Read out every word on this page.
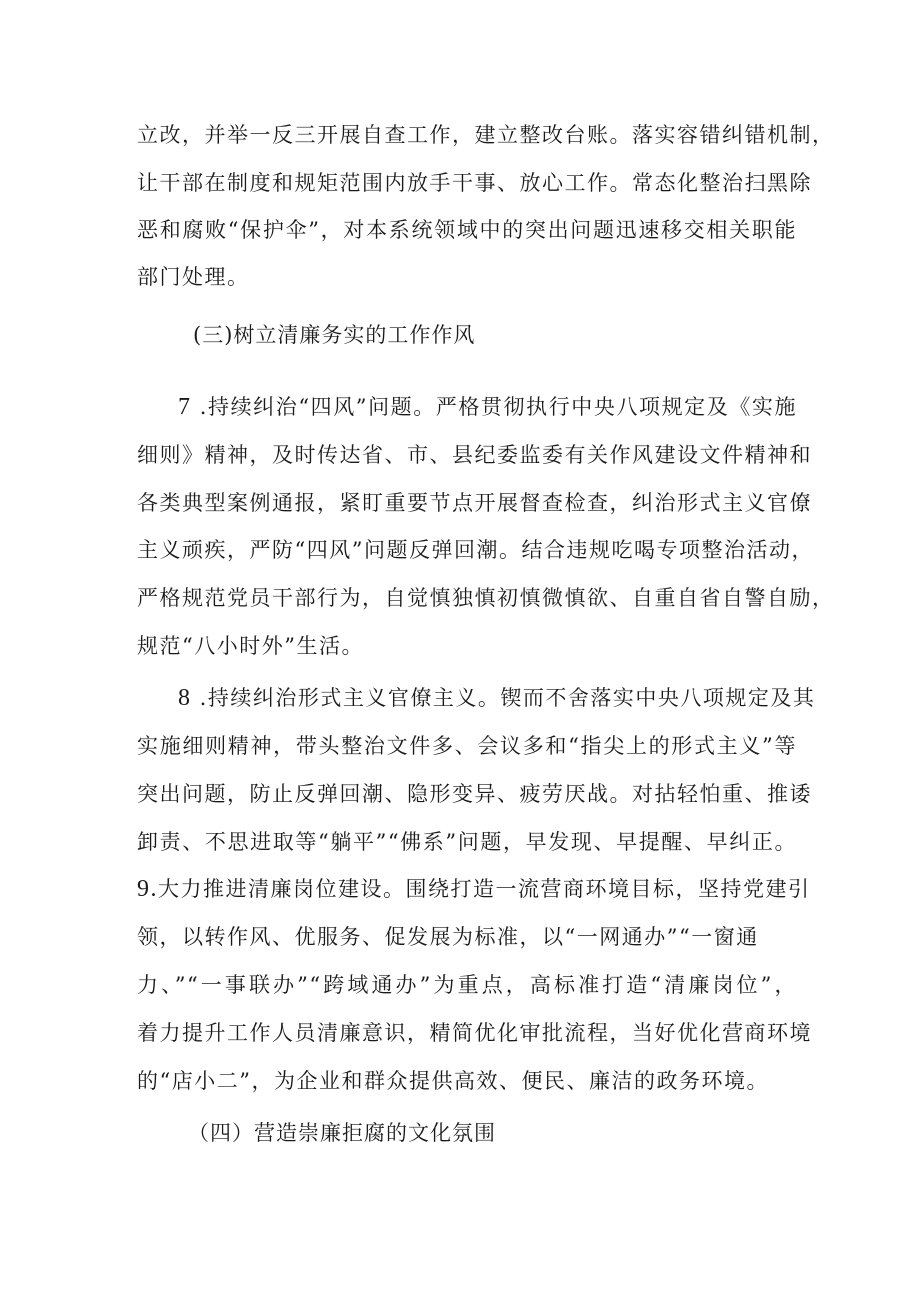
立改，并举一反三开展自查工作，建立整改台账。落实容错纠错机制，
让干部在制度和规矩范围内放手干事、放心工作。常态化整治扫黑除
恶和腐败“保护伞”，对本系统领域中的突出问题迅速移交相关职能
部门处理。
(三)树立清廉务实的工作作风
7 .持续纠治“四风”问题。严格贯彻执行中央八项规定及《实施
细则》精神，及时传达省、市、县纪委监委有关作风建设文件精神和
各类典型案例通报，紧盯重要节点开展督查检查，纠治形式主义官僚
主义顽疾，严防“四风”问题反弹回潮。结合违规吃喝专项整治活动，
严格规范党员干部行为，自觉慎独慎初慎微慎欲、自重自省自警自励，
规范“八小时外”生活。
8 .持续纠治形式主义官僚主义。锲而不舍落实中央八项规定及其
实施细则精神，带头整治文件多、会议多和“指尖上的形式主义”等
突出问题，防止反弹回潮、隐形变异、疲劳厌战。对拈轻怕重、推诿
卸责、不思进取等“躺平”“佛系”问题，早发现、早提醒、早纠正。
9.大力推进清廉岗位建设。围绕打造一流营商环境目标，坚持党建引
领，以转作风、优服务、促发展为标准，以“一网通办”“一窗通
力、”“一事联办”“跨域通办”为重点，高标准打造“清廉岗位”，
着力提升工作人员清廉意识，精简优化审批流程，当好优化营商环境
的“店小二”，为企业和群众提供高效、便民、廉洁的政务环境。
（四）营造崇廉拒腐的文化氛围
